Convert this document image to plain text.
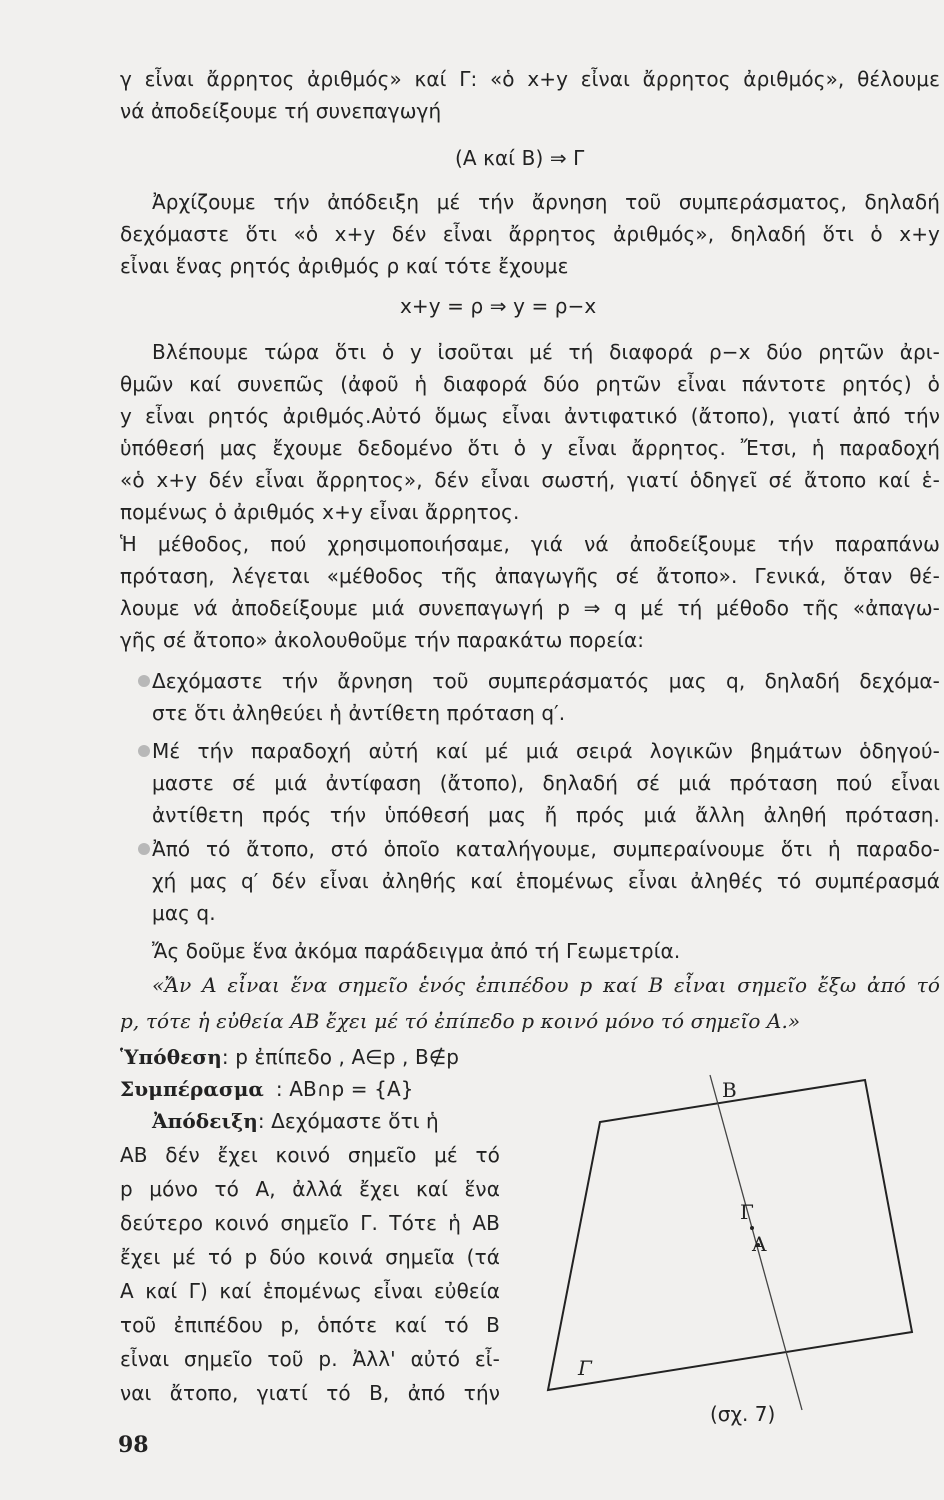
γ εἶναι ἄρρητος ἀριθμός» καί Γ: «ὁ x+y εἶναι ἄρρητος ἀριθμός», θέλουμε
νά ἀποδείξουμε τή συνεπαγωγή
(Α καί Β) ⇒ Γ
Ἀρχίζουμε τήν ἀπόδειξη μέ τήν ἄρνηση τοῦ συμπεράσματος, δηλαδή
δεχόμαστε ὅτι «ὁ x+y δέν εἶναι ἄρρητος ἀριθμός», δηλαδή ὅτι ὁ x+y
εἶναι ἕνας ρητός ἀριθμός ρ καί τότε ἔχουμε
x+y = ρ ⇒ y = ρ−x
Βλέπουμε τώρα ὅτι ὁ y ἰσοῦται μέ τή διαφορά ρ−x δύο ρητῶν ἀρι-
θμῶν καί συνεπῶς (ἀφοῦ ἡ διαφορά δύο ρητῶν εἶναι πάντοτε ρητός) ὁ
y εἶναι ρητός ἀριθμός.Αὐτό ὅμως εἶναι ἀντιφατικό (ἄτοπο), γιατί ἀπό τήν
ὑπόθεσή μας ἔχουμε δεδομένο ὅτι ὁ y εἶναι ἄρρητος. Ἔτσι, ἡ παραδοχή
«ὁ x+y δέν εἶναι ἄρρητος», δέν εἶναι σωστή, γιατί ὁδηγεῖ σέ ἄτοπο καί ἑ-
πομένως ὁ ἀριθμός x+y εἶναι ἄρρητος.
Ἡ μέθοδος, πού χρησιμοποιήσαμε, γιά νά ἀποδείξουμε τήν παραπάνω
πρόταση, λέγεται «μέθοδος τῆς ἀπαγωγῆς σέ ἄτοπο». Γενικά, ὅταν θέ-
λουμε νά ἀποδείξουμε μιά συνεπαγωγή p ⇒ q μέ τή μέθοδο τῆς «ἀπαγω-
γῆς σέ ἄτοπο» ἀκολουθοῦμε τήν παρακάτω πορεία:
Δεχόμαστε τήν ἄρνηση τοῦ συμπεράσματός μας q, δηλαδή δεχόμα-
στε ὅτι ἀληθεύει ἡ ἀντίθετη πρόταση q′.
Μέ τήν παραδοχή αὐτή καί μέ μιά σειρά λογικῶν βημάτων ὁδηγού-
μαστε σέ μιά ἀντίφαση (ἄτοπο), δηλαδή σέ μιά πρόταση πού εἶναι
ἀντίθετη πρός τήν ὑπόθεσή μας ἤ πρός μιά ἄλλη ἀληθή πρόταση.
Ἀπό τό ἄτοπο, στό ὁποῖο καταλήγουμε, συμπεραίνουμε ὅτι ἡ παραδο-
χή μας q′ δέν εἶναι ἀληθής καί ἑπομένως εἶναι ἀληθές τό συμπέρασμά
μας q.
Ἄς δοῦμε ἕνα ἀκόμα παράδειγμα ἀπό τή Γεωμετρία.
«Ἄν Α εἶναι ἕνα σημεῖο ἑνός ἐπιπέδου p καί Β εἶναι σημεῖο ἔξω ἀπό τό
p, τότε ἡ εὐθεία ΑΒ ἔχει μέ τό ἐπίπεδο p κοινό μόνο τό σημεῖο Α.»
Ὑπόθεση: p ἐπίπεδο , Α∈p , Β∉p
Συμπέρασμα : ΑΒ∩p = {Α}
Ἀπόδειξη: Δεχόμαστε ὅτι ἡ
ΑΒ δέν ἔχει κοινό σημεῖο μέ τό
p μόνο τό Α, ἀλλά ἔχει καί ἕνα
δεύτερο κοινό σημεῖο Γ. Τότε ἡ ΑΒ
ἔχει μέ τό p δύο κοινά σημεῖα (τά
Α καί Γ) καί ἑπομένως εἶναι εὐθεία
τοῦ ἐπιπέδου p, ὁπότε καί τό Β
εἶναι σημεῖο τοῦ p. Ἀλλ' αὐτό εἶ-
ναι ἄτοπο, γιατί τό Β, ἀπό τήν
B
Γ
A
Γ
(σχ. 7)
98
